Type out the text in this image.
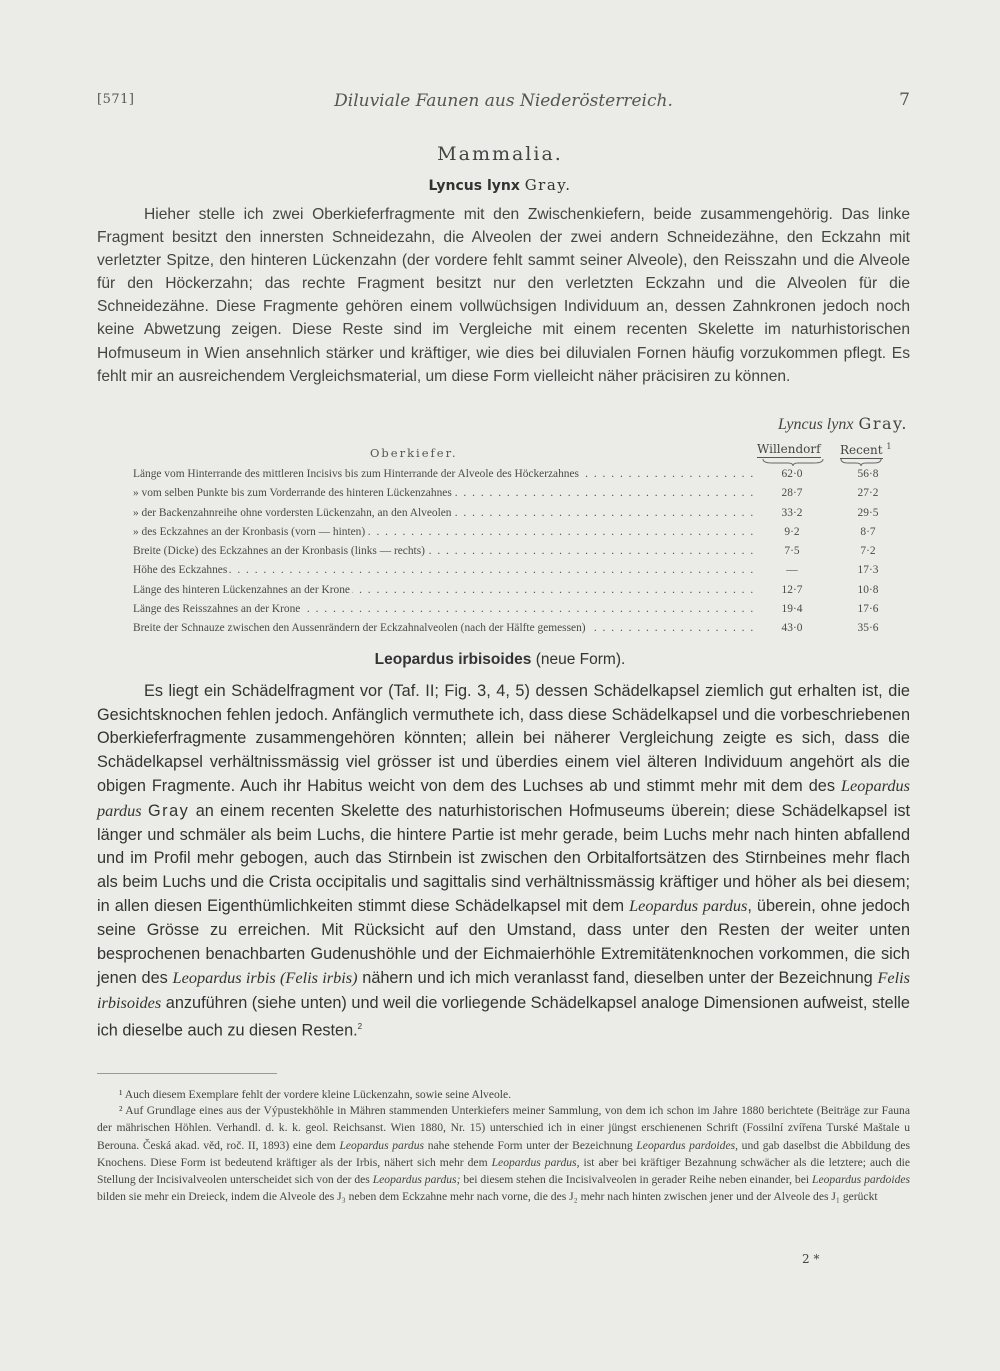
[571]	Diluviale Faunen aus Niederösterreich.	7
Mammalia.
Lyncus lynx Gray.
Hieher stelle ich zwei Oberkieferfragmente mit den Zwischenkiefern, beide zusammengehörig. Das linke Fragment besitzt den innersten Schneidezahn, die Alveolen der zwei andern Schneidezähne, den Eckzahn mit verletzter Spitze, den hinteren Lückenzahn (der vordere fehlt sammt seiner Alveole), den Reisszahn und die Alveole für den Höckerzahn; das rechte Fragment besitzt nur den verletzten Eckzahn und die Alveolen für die Schneidezähne. Diese Fragmente gehören einem vollwüchsigen Individuum an, dessen Zahnkronen jedoch noch keine Abwetzung zeigen. Diese Reste sind im Vergleiche mit einem recenten Skelette im naturhistorischen Hofmuseum in Wien ansehnlich stärker und kräftiger, wie dies bei diluvialen Fornen häufig vorzukommen pflegt. Es fehlt mir an ausreichendem Vergleichsmaterial, um diese Form vielleicht näher präcisiren zu können.
Lyncus lynx Gray.
Oberkiefer.	Willendorf Recent $^1$
Länge vom Hinterrande des mittleren Incisivs bis zum Hinterrande der Alveole des Höckerzahnes . . .	62·0	56·8
» vom selben Punkte bis zum Vorderrande des hinteren Lückenzahnes . . .	28·7	27·2
» der Backenzahnreihe ohne vordersten Lückenzahn, an den Alveolen . . .	33·2	29·5
» des Eckzahnes an der Kronbasis (vorn — hinten) . . .	9·2	8·7
Breite (Dicke) des Eckzahnes an der Kronbasis (links — rechts) . . .	7·5	7·2
Höhe des Eckzahnes . . .	—	17·3
Länge des hinteren Lückenzahnes an der Krone . . .	12·7	10·8
Länge des Reisszahnes an der Krone . . .	19·4	17·6
Breite der Schnauze zwischen den Aussenrändern der Eckzahnalveolen (nach der Hälfte gemessen) . . .	43·0	35·6
Leopardus irbisoides (neue Form).
Es liegt ein Schädelfragment vor (Taf. II; Fig. 3, 4, 5) dessen Schädelkapsel ziemlich gut erhalten ist, die Gesichtsknochen fehlen jedoch. Anfänglich vermuthete ich, dass diese Schädelkapsel und die vorbeschriebenen Oberkieferfragmente zusammengehören könnten; allein bei näherer Vergleichung zeigte es sich, dass die Schädelkapsel verhältnissmässig viel grösser ist und überdies einem viel älteren Individuum angehört als die obigen Fragmente. Auch ihr Habitus weicht von dem des Luchses ab und stimmt mehr mit dem des Leopardus pardus Gray an einem recenten Skelette des naturhistorischen Hofmuseums überein; diese Schädelkapsel ist länger und schmäler als beim Luchs, die hintere Partie ist mehr gerade, beim Luchs mehr nach hinten abfallend und im Profil mehr gebogen, auch das Stirnbein ist zwischen den Orbitalfortsätzen des Stirnbeines mehr flach als beim Luchs und die Crista occipitalis und sagittalis sind verhältnissmässig kräftiger und höher als bei diesem; in allen diesen Eigenthümlichkeiten stimmt diese Schädelkapsel mit dem Leopardus pardus, überein, ohne jedoch seine Grösse zu erreichen. Mit Rücksicht auf den Umstand, dass unter den Resten der weiter unten besprochenen benachbarten Gudenushöhle und der Eichmaierhöhle Extremitätenknochen vorkommen, die sich jenen des Leopardus irbis (Felis irbis) nähern und ich mich veranlasst fand, dieselben unter der Bezeichnung Felis irbisoides anzuführen (siehe unten) und weil die vorliegende Schädelkapsel analoge Dimensionen aufweist, stelle ich dieselbe auch zu diesen Resten.$^2$
¹ Auch diesem Exemplare fehlt der vordere kleine Lückenzahn, sowie seine Alveole.
² Auf Grundlage eines aus der Výpustekhöhle in Mähren stammenden Unterkiefers meiner Sammlung, von dem ich schon im Jahre 1880 berichtete (Beiträge zur Fauna der mährischen Höhlen. Verhandl. d. k. k. geol. Reichsanst. Wien 1880, Nr. 15) unterschied ich in einer jüngst erschienenen Schrift (Fossilní zvířena Turské Maštale u Berouna. Česká akad. věd, roč. II, 1893) eine dem Leopardus pardus nahe stehende Form unter der Bezeichnung Leopardus pardoides, und gab daselbst die Abbildung des Knochens. Diese Form ist bedeutend kräftiger als der Irbis, nähert sich mehr dem Leopardus pardus, ist aber bei kräftiger Bezahnung schwächer als die letztere; auch die Stellung der Incisivalveolen unterscheidet sich von der des Leopardus pardus; bei diesem stehen die Incisivalveolen in gerader Reihe neben einander, bei Leopardus pardoides bilden sie mehr ein Dreieck, indem die Alveole des J₃ neben dem Eckzahne mehr nach vorne, die des J₂ mehr nach hinten zwischen jener und der Alveole des J₁ gerückt
2 *
